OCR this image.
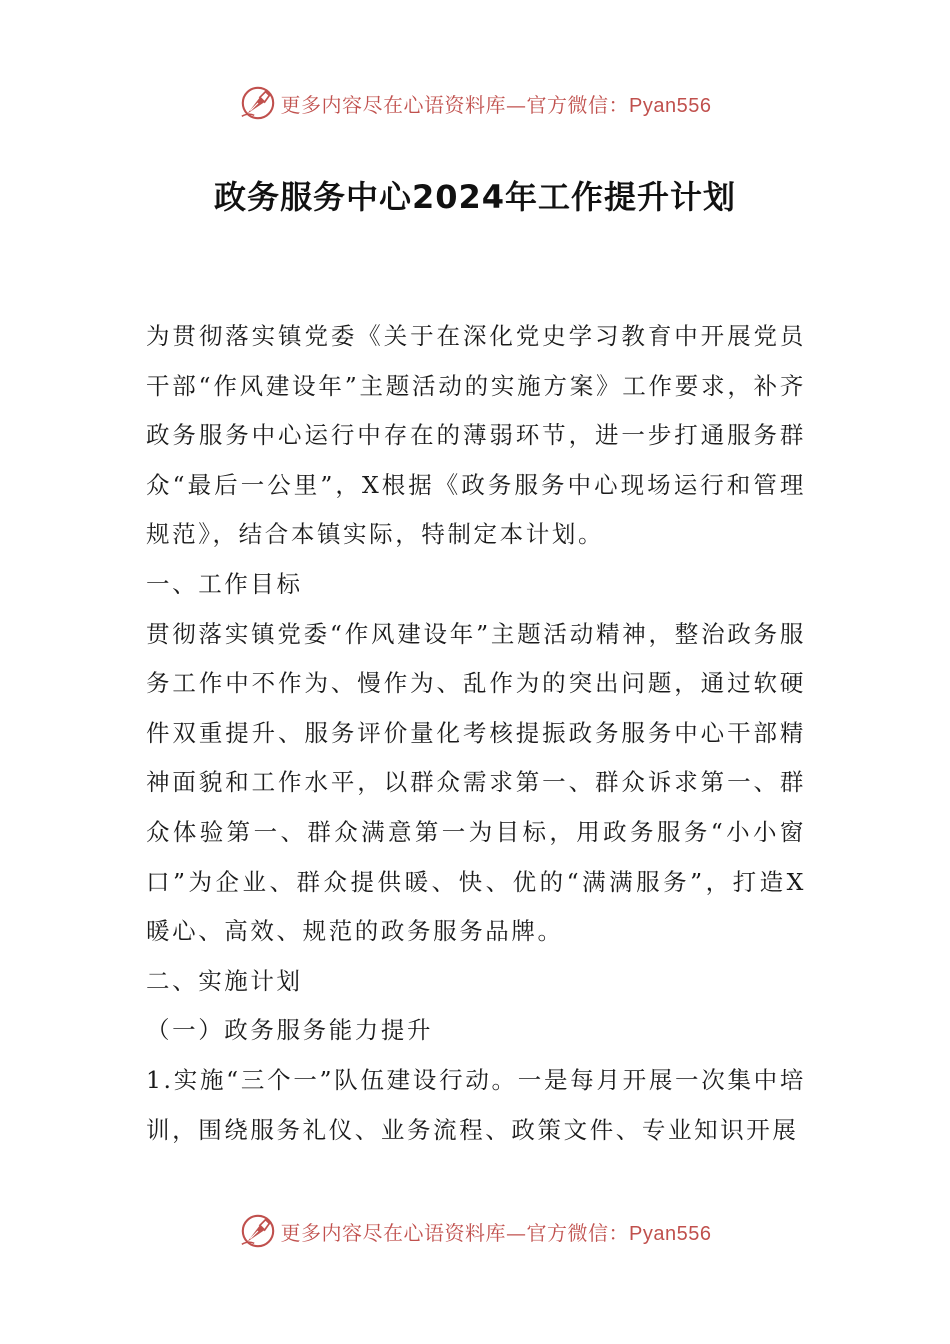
更多内容尽在心语资料库—官方微信：Pyan556
政务服务中心2024年工作提升计划

为贯彻落实镇党委《关于在深化党史学习教育中开展党员干部“作风建设年”主题活动的实施方案》工作要求，补齐政务服务中心运行中存在的薄弱环节，进一步打通服务群众“最后一公里”，X根据《政务服务中心现场运行和管理规范》，结合本镇实际，特制定本计划。

一、工作目标

贯彻落实镇党委“作风建设年”主题活动精神，整治政务服务工作中不作为、慢作为、乱作为的突出问题，通过软硬件双重提升、服务评价量化考核提振政务服务中心干部精神面貌和工作水平，以群众需求第一、群众诉求第一、群众体验第一、群众满意第一为目标，用政务服务“小小窗口”为企业、群众提供暖、快、优的“满满服务”，打造X暖心、高效、规范的政务服务品牌。

二、实施计划

（一）政务服务能力提升

1.实施“三个一”队伍建设行动。一是每月开展一次集中培训，围绕服务礼仪、业务流程、政策文件、专业知识开展

更多内容尽在心语资料库—官方微信：Pyan556
